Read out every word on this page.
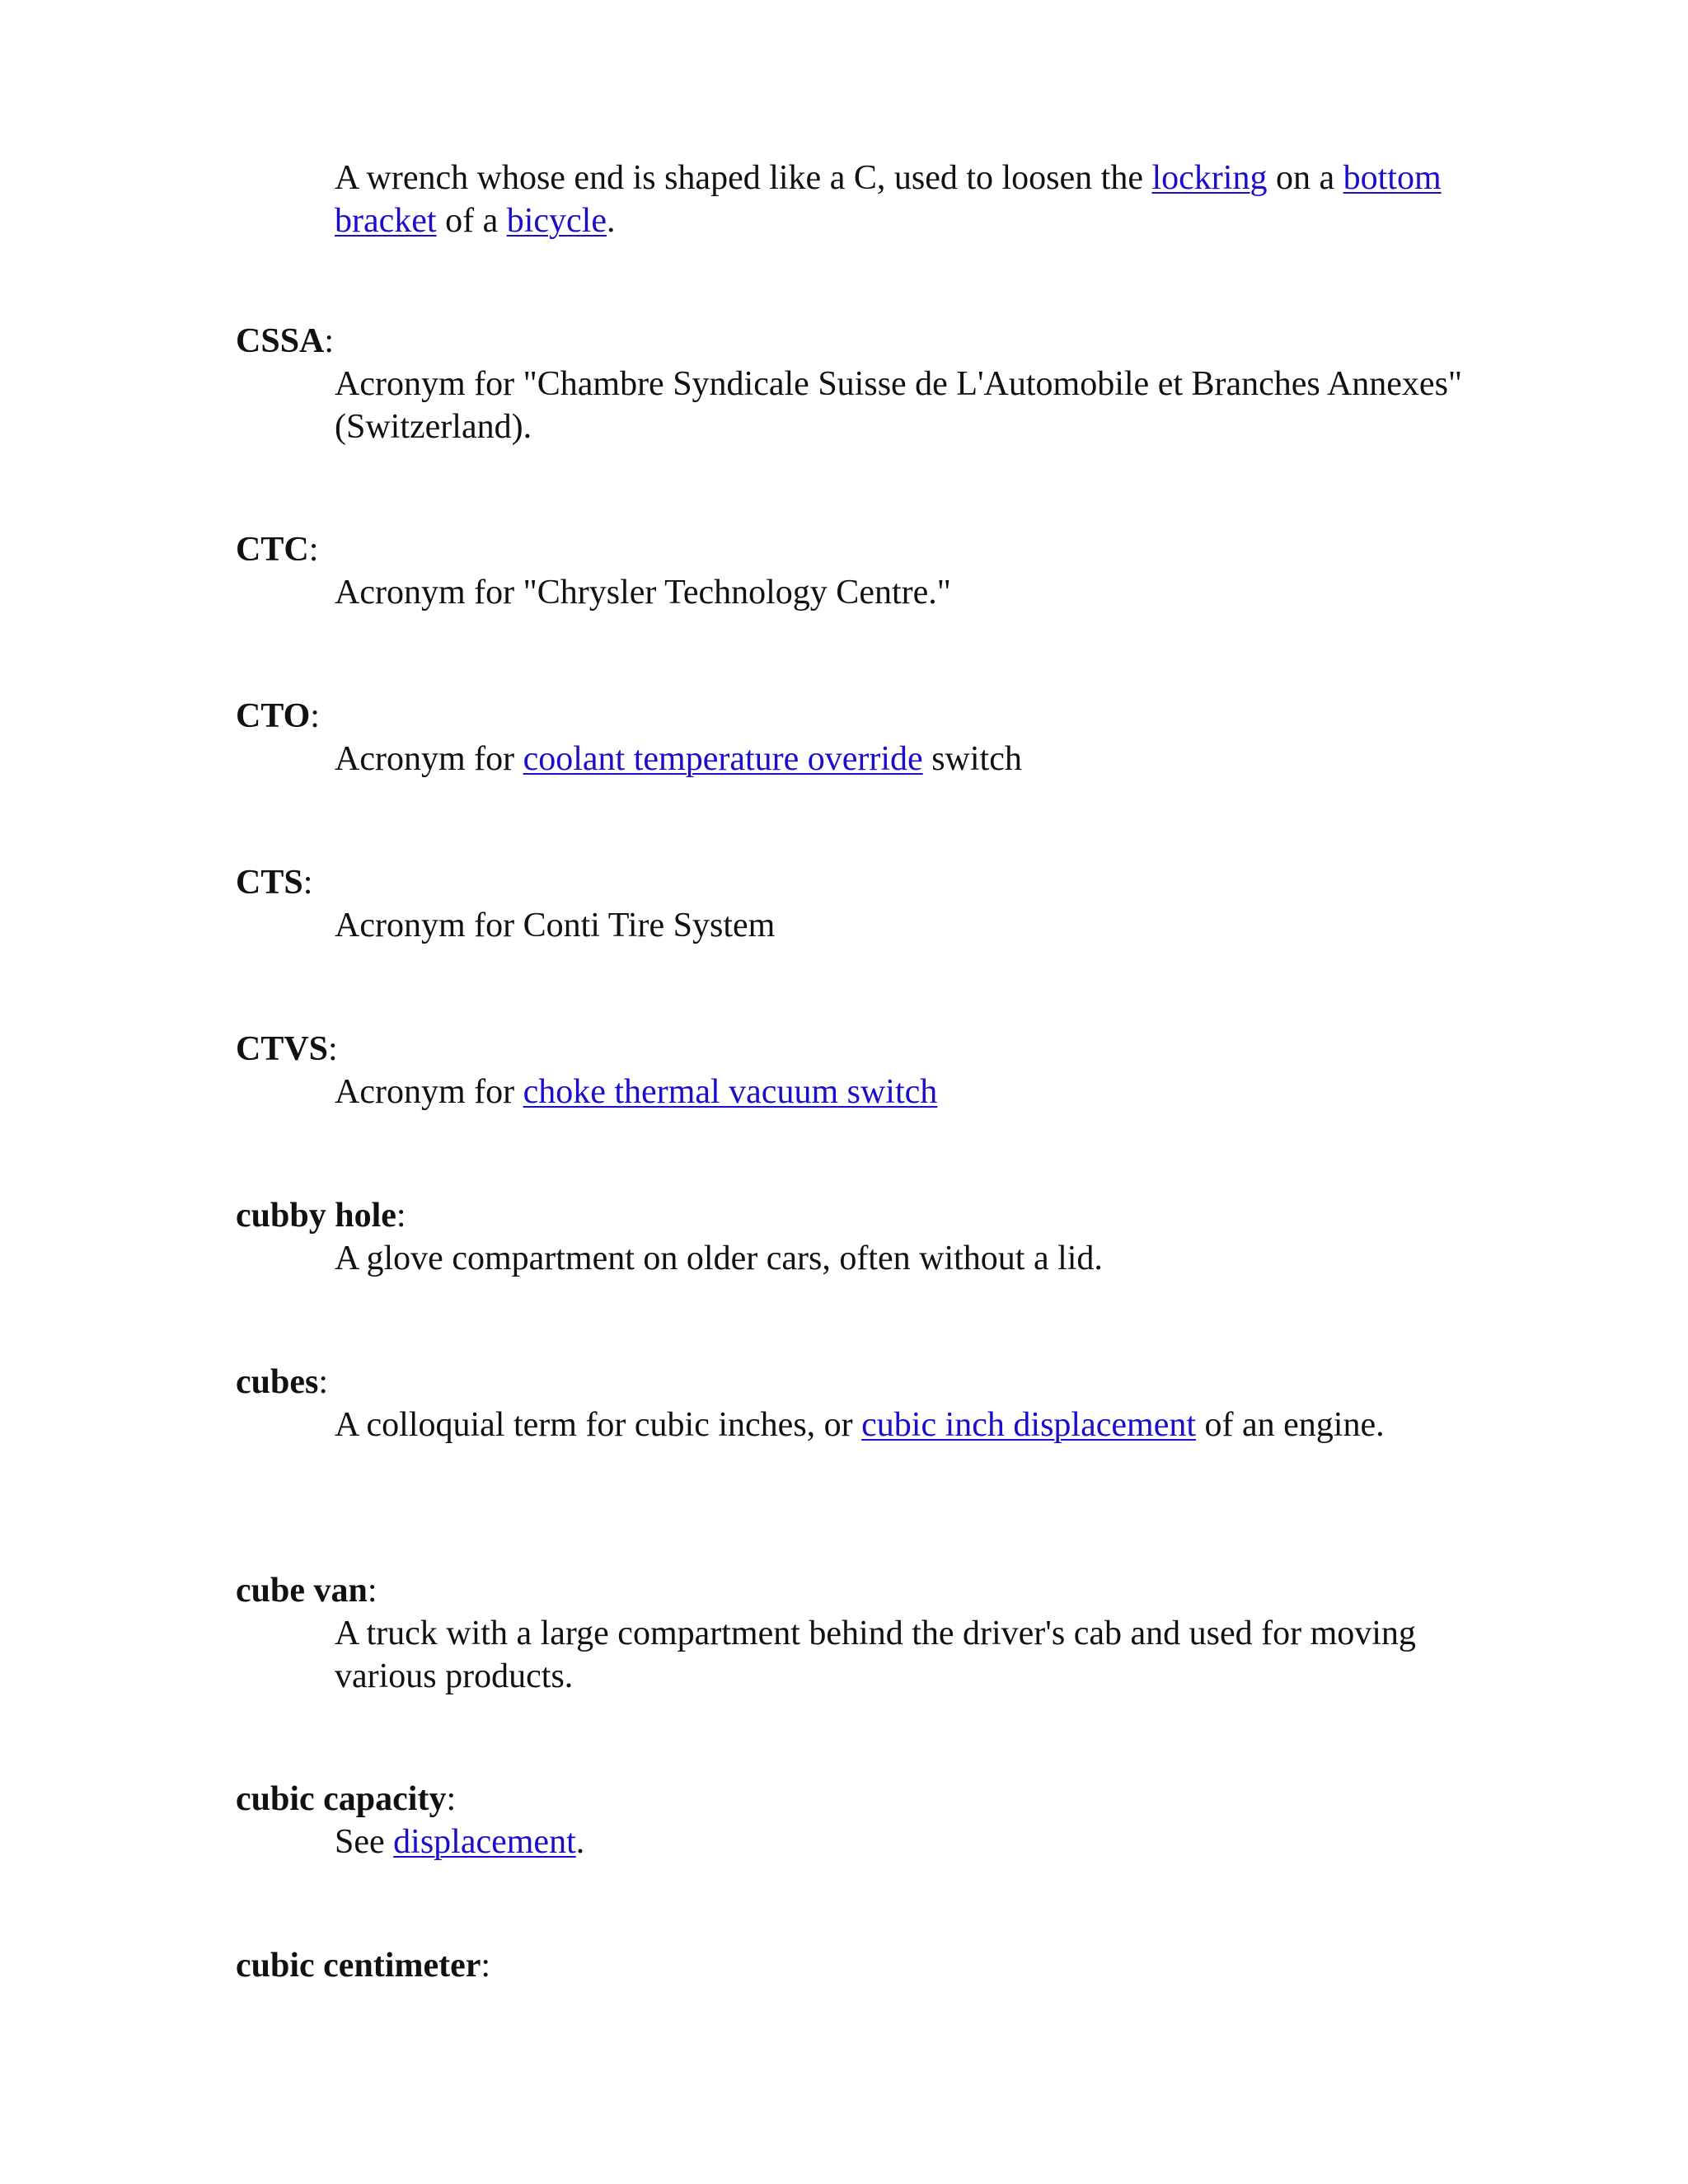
A wrench whose end is shaped like a C, used to loosen the lockring on a bottom bracket of a bicycle.
CSSA:
Acronym for "Chambre Syndicale Suisse de L'Automobile et Branches Annexes" (Switzerland).
CTC:
Acronym for "Chrysler Technology Centre."
CTO:
Acronym for coolant temperature override switch
CTS:
Acronym for Conti Tire System
CTVS:
Acronym for choke thermal vacuum switch
cubby hole:
A glove compartment on older cars, often without a lid.
cubes:
A colloquial term for cubic inches, or cubic inch displacement of an engine.
cube van:
A truck with a large compartment behind the driver's cab and used for moving various products.
cubic capacity:
See displacement.
cubic centimeter:
